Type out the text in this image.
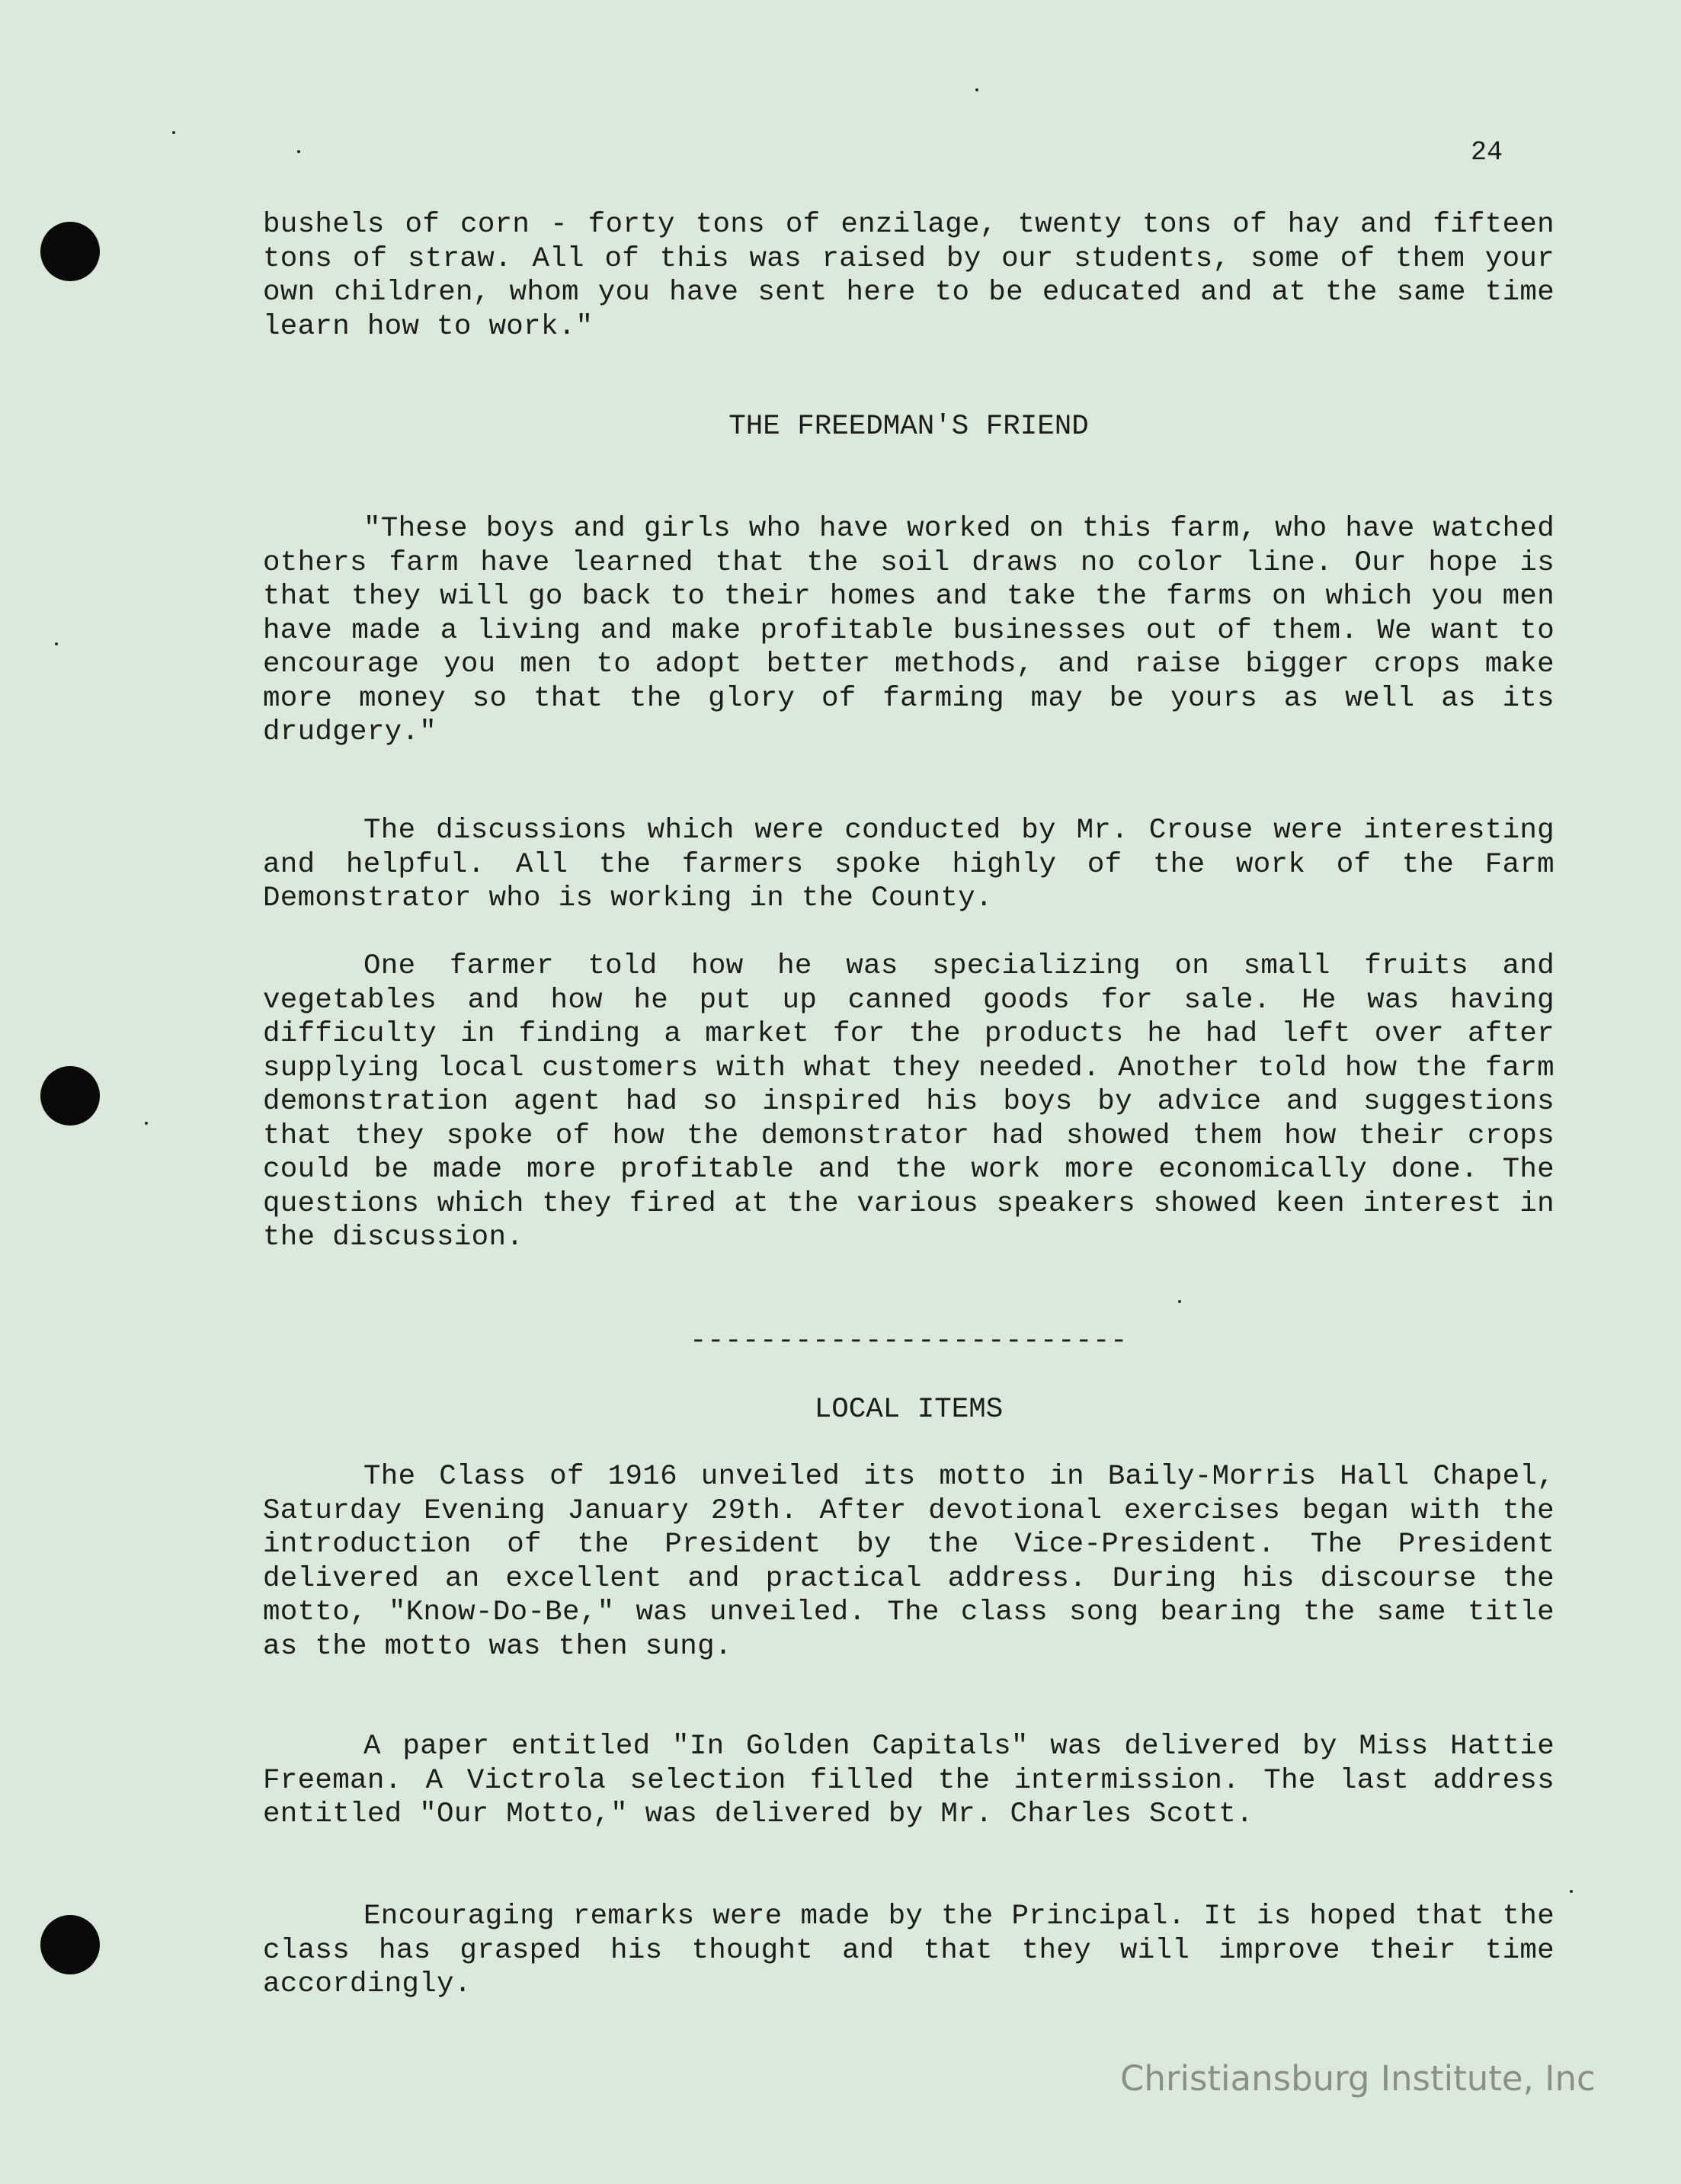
24

bushels of corn - forty tons of enzilage, twenty tons of hay and fifteen tons of straw. All of this was raised by our students, some of them your own children, whom you have sent here to be educated and at the same time learn how to work."

THE FREEDMAN'S FRIEND

"These boys and girls who have worked on this farm, who have watched others farm have learned that the soil draws no color line. Our hope is that they will go back to their homes and take the farms on which you men have made a living and make profitable businesses out of them. We want to encourage you men to adopt better methods, and raise bigger crops make more money so that the glory of farming may be yours as well as its drudgery."

The discussions which were conducted by Mr. Crouse were interesting and helpful. All the farmers spoke highly of the work of the Farm Demonstrator who is working in the County.

One farmer told how he was specializing on small fruits and vegetables and how he put up canned goods for sale. He was having difficulty in finding a market for the products he had left over after supplying local customers with what they needed. Another told how the farm demonstration agent had so inspired his boys by advice and suggestions that they spoke of how the demonstrator had showed them how their crops could be made more profitable and the work more economically done. The questions which they fired at the various speakers showed keen interest in the discussion.

-------------------------
LOCAL ITEMS

The Class of 1916 unveiled its motto in Baily-Morris Hall Chapel, Saturday Evening January 29th. After devotional exercises began with the introduction of the President by the Vice-President. The President delivered an excellent and practical address. During his discourse the motto, "Know-Do-Be," was unveiled. The class song bearing the same title as the motto was then sung.

A paper entitled "In Golden Capitals" was delivered by Miss Hattie Freeman. A Victrola selection filled the intermission. The last address entitled "Our Motto," was delivered by Mr. Charles Scott.

Encouraging remarks were made by the Principal. It is hoped that the class has grasped his thought and that they will improve their time accordingly.

Christiansburg Institute, Inc
